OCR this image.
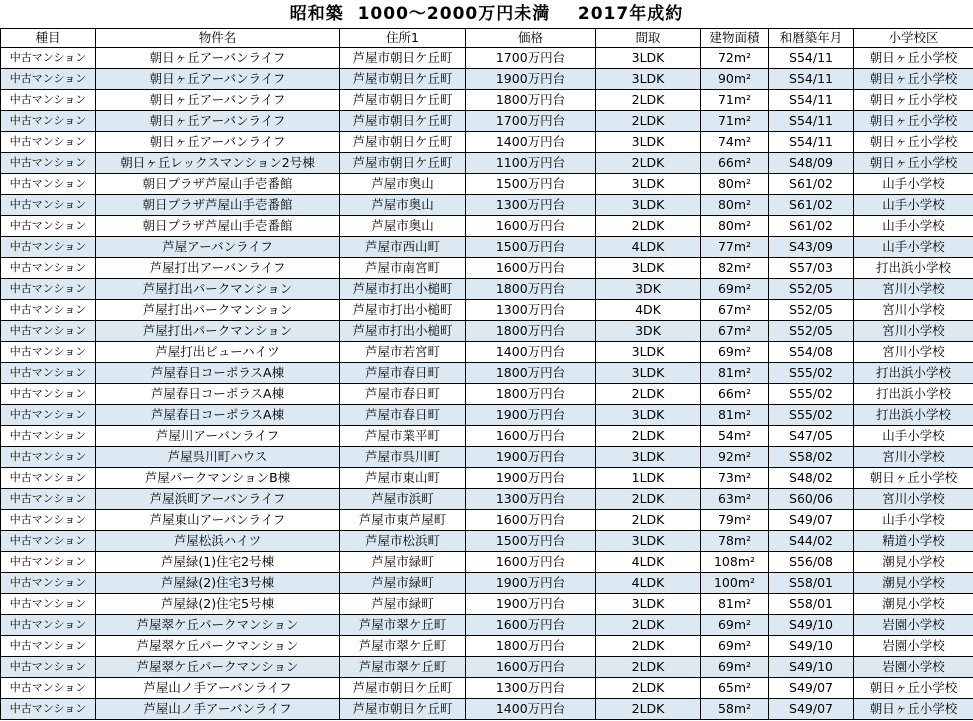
昭和築  1000～2000万円未満    2017年成約
種目	物件名	住所1	価格	間取	建物面積	和暦築年月	小学校区
中古マンション	朝日ヶ丘アーバンライフ	芦屋市朝日ケ丘町	1700万円台	3LDK	72m²	S54/11	朝日ヶ丘小学校
中古マンション	朝日ヶ丘アーバンライフ	芦屋市朝日ケ丘町	1900万円台	3LDK	90m²	S54/11	朝日ヶ丘小学校
中古マンション	朝日ヶ丘アーバンライフ	芦屋市朝日ケ丘町	1800万円台	2LDK	71m²	S54/11	朝日ヶ丘小学校
中古マンション	朝日ヶ丘アーバンライフ	芦屋市朝日ケ丘町	1700万円台	2LDK	71m²	S54/11	朝日ヶ丘小学校
中古マンション	朝日ヶ丘アーバンライフ	芦屋市朝日ケ丘町	1400万円台	3LDK	74m²	S54/11	朝日ヶ丘小学校
中古マンション	朝日ヶ丘レックスマンション2号棟	芦屋市朝日ケ丘町	1100万円台	2LDK	66m²	S48/09	朝日ヶ丘小学校
中古マンション	朝日プラザ芦屋山手壱番館	芦屋市奥山	1500万円台	3LDK	80m²	S61/02	山手小学校
中古マンション	朝日プラザ芦屋山手壱番館	芦屋市奥山	1300万円台	3LDK	80m²	S61/02	山手小学校
中古マンション	朝日プラザ芦屋山手壱番館	芦屋市奥山	1600万円台	2LDK	80m²	S61/02	山手小学校
中古マンション	芦屋アーバンライフ	芦屋市西山町	1500万円台	4LDK	77m²	S43/09	山手小学校
中古マンション	芦屋打出アーバンライフ	芦屋市南宮町	1600万円台	3LDK	82m²	S57/03	打出浜小学校
中古マンション	芦屋打出パークマンション	芦屋市打出小槌町	1800万円台	3DK	69m²	S52/05	宮川小学校
中古マンション	芦屋打出パークマンション	芦屋市打出小槌町	1300万円台	4DK	67m²	S52/05	宮川小学校
中古マンション	芦屋打出パークマンション	芦屋市打出小槌町	1800万円台	3DK	67m²	S52/05	宮川小学校
中古マンション	芦屋打出ビューハイツ	芦屋市若宮町	1400万円台	3LDK	69m²	S54/08	宮川小学校
中古マンション	芦屋春日コーポラスA棟	芦屋市春日町	1800万円台	3LDK	81m²	S55/02	打出浜小学校
中古マンション	芦屋春日コーポラスA棟	芦屋市春日町	1800万円台	2LDK	66m²	S55/02	打出浜小学校
中古マンション	芦屋春日コーポラスA棟	芦屋市春日町	1900万円台	3LDK	81m²	S55/02	打出浜小学校
中古マンション	芦屋川アーバンライフ	芦屋市業平町	1600万円台	2LDK	54m²	S47/05	山手小学校
中古マンション	芦屋呉川町ハウス	芦屋市呉川町	1900万円台	3LDK	92m²	S58/02	宮川小学校
中古マンション	芦屋パークマンションB棟	芦屋市東山町	1900万円台	1LDK	73m²	S48/02	朝日ヶ丘小学校
中古マンション	芦屋浜町アーバンライフ	芦屋市浜町	1300万円台	2LDK	63m²	S60/06	宮川小学校
中古マンション	芦屋東山アーバンライフ	芦屋市東芦屋町	1600万円台	2LDK	79m²	S49/07	山手小学校
中古マンション	芦屋松浜ハイツ	芦屋市松浜町	1500万円台	3LDK	78m²	S44/02	精道小学校
中古マンション	芦屋緑(1)住宅2号棟	芦屋市緑町	1600万円台	4LDK	108m²	S56/08	潮見小学校
中古マンション	芦屋緑(2)住宅3号棟	芦屋市緑町	1900万円台	4LDK	100m²	S58/01	潮見小学校
中古マンション	芦屋緑(2)住宅5号棟	芦屋市緑町	1900万円台	3LDK	81m²	S58/01	潮見小学校
中古マンション	芦屋翠ケ丘パークマンション	芦屋市翠ケ丘町	1600万円台	2LDK	69m²	S49/10	岩園小学校
中古マンション	芦屋翠ケ丘パークマンション	芦屋市翠ケ丘町	1800万円台	2LDK	69m²	S49/10	岩園小学校
中古マンション	芦屋翠ケ丘パークマンション	芦屋市翠ケ丘町	1600万円台	2LDK	69m²	S49/10	岩園小学校
中古マンション	芦屋山ノ手アーバンライフ	芦屋市朝日ケ丘町	1300万円台	2LDK	65m²	S49/07	朝日ヶ丘小学校
中古マンション	芦屋山ノ手アーバンライフ	芦屋市朝日ケ丘町	1400万円台	2LDK	58m²	S49/07	朝日ヶ丘小学校
